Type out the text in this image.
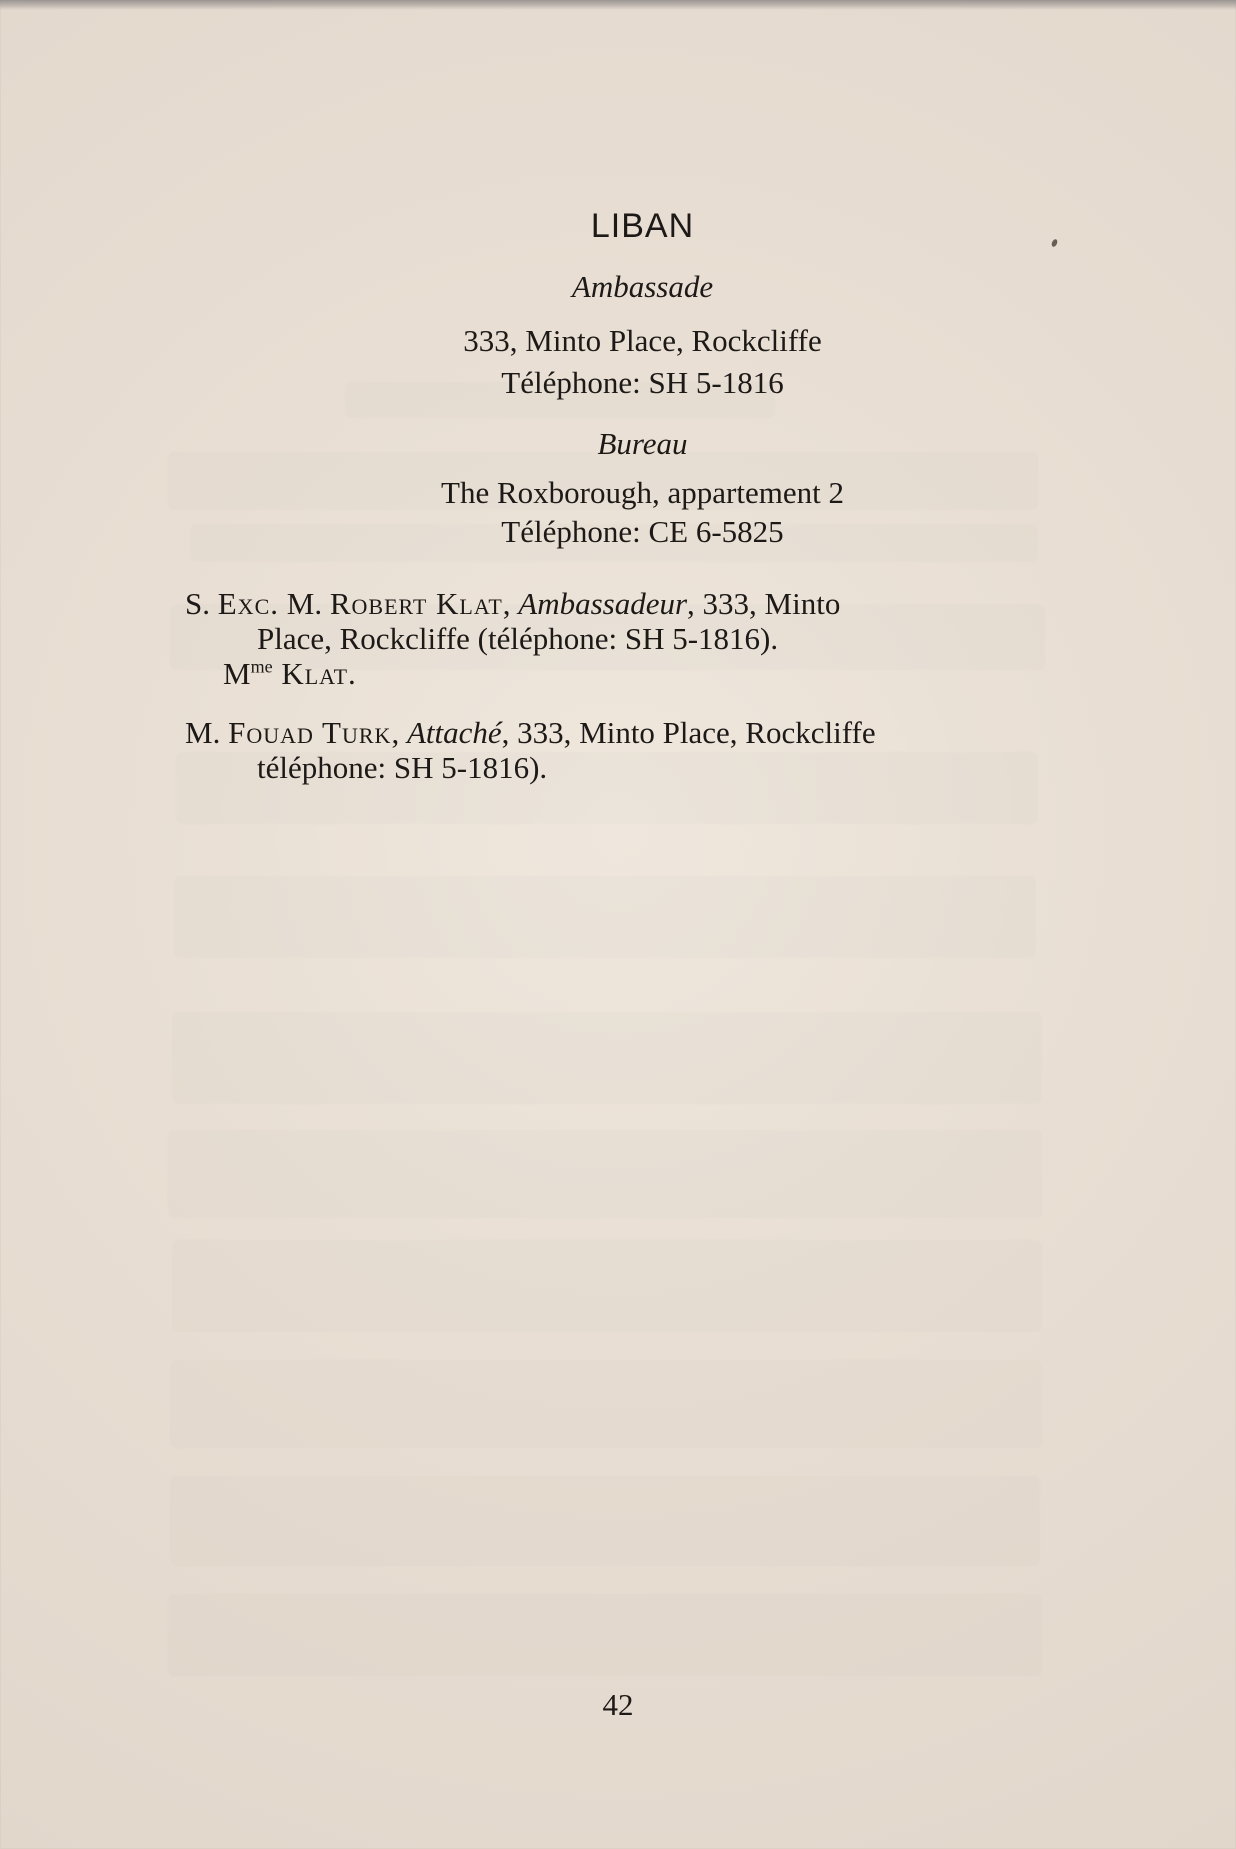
LIBAN
Ambassade
333, Minto Place, Rockcliffe
Téléphone: SH 5-1816
Bureau
The Roxborough, appartement 2
Téléphone: CE 6-5825
S. Exc. M. Robert Klat, Ambassadeur, 333, Minto
Place, Rockcliffe (téléphone: SH 5-1816).
$M^{me}$ Klat.
M. Fouad Turk, Attaché, 333, Minto Place, Rockcliffe
téléphone: SH 5-1816).
42
